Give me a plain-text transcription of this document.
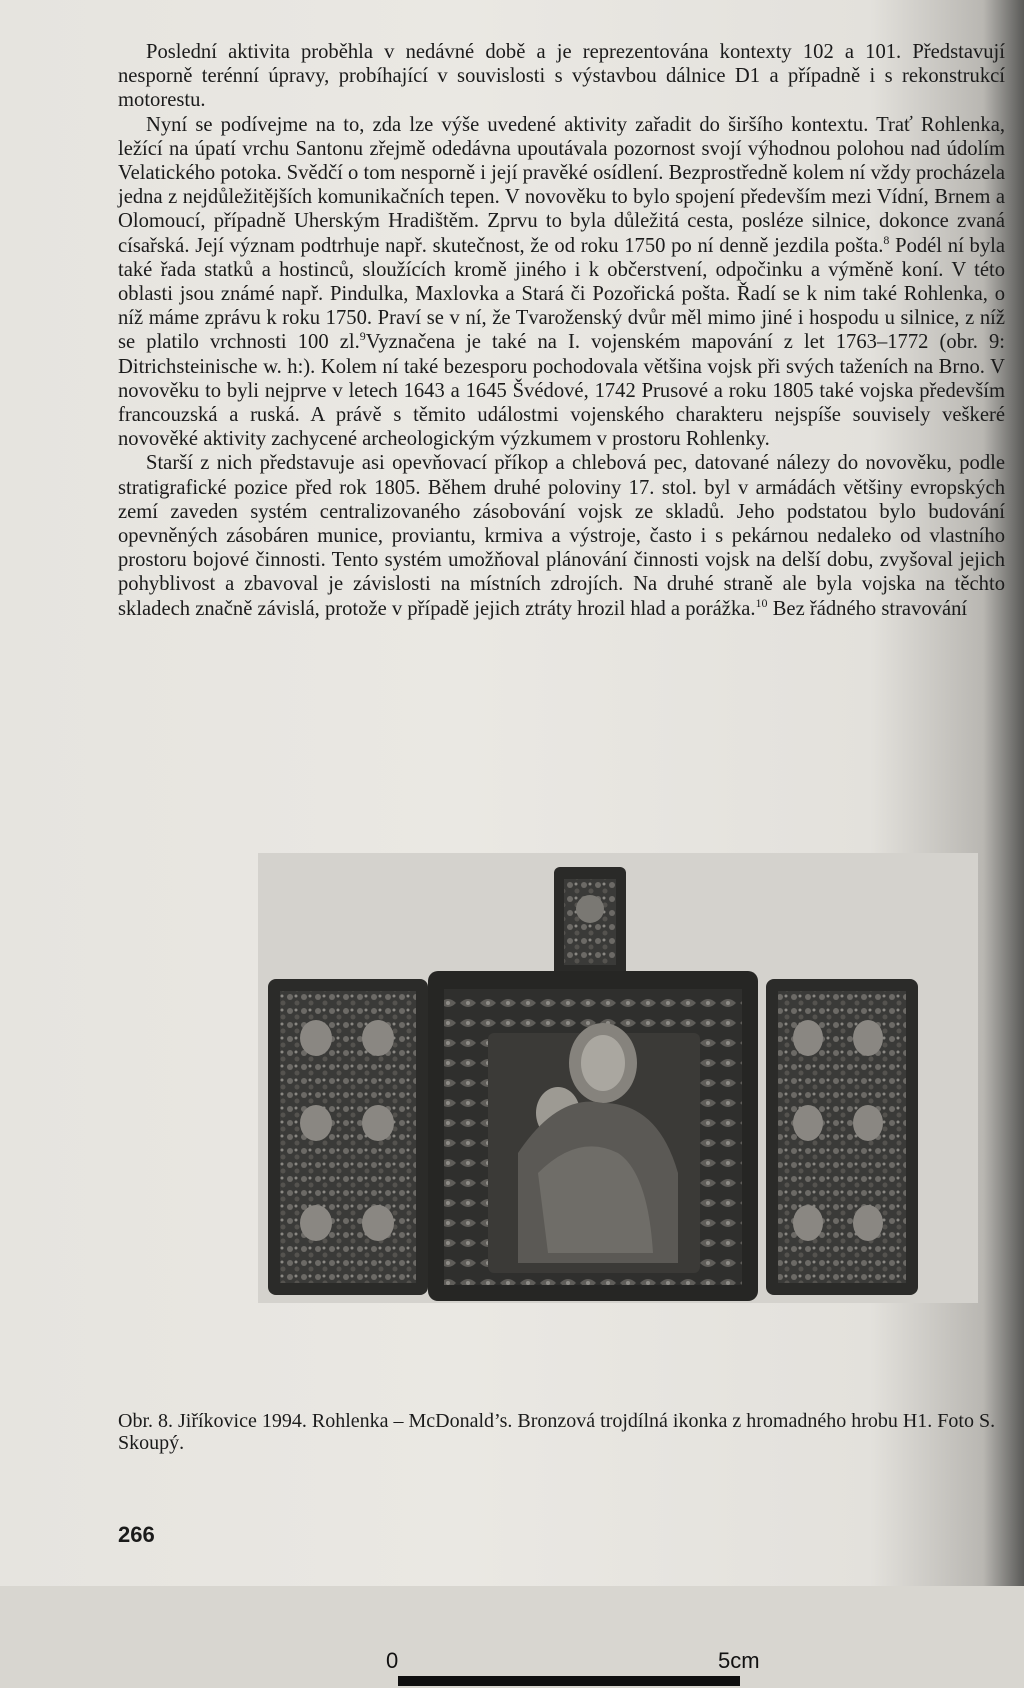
Poslední aktivita proběhla v nedávné době a je reprezentována kontexty 102 a 101. Představují nesporně terénní úpravy, probíhající v souvislosti s výstavbou dálnice D1 a případně i s rekonstrukcí motorestu.

Nyní se podívejme na to, zda lze výše uvedené aktivity zařadit do širšího kontextu. Trať Rohlenka, ležící na úpatí vrchu Santonu zřejmě odedávna upoutávala pozornost svojí výhodnou polohou nad údolím Velatického potoka. Svědčí o tom nesporně i její pravěké osídlení. Bezprostředně kolem ní vždy procházela jedna z nejdůležitějších komunikačních tepen. V novověku to bylo spojení především mezi Vídní, Brnem a Olomoucí, případně Uherským Hradištěm. Zprvu to byla důležitá cesta, posléze silnice, dokonce zvaná císařská. Její význam podtrhuje např. skutečnost, že od roku 1750 po ní denně jezdila pošta.$^8$ Podél ní byla také řada statků a hostinců, sloužících kromě jiného i k občerstvení, odpočinku a výměně koní. V této oblasti jsou známé např. Pindulka, Maxlovka a Stará či Pozořická pošta. Řadí se k nim také Rohlenka, o níž máme zprávu k roku 1750. Praví se v ní, že Tvaroženský dvůr měl mimo jiné i hospodu u silnice, z níž se platilo vrchnosti 100 zl.$^9$Vyznačena je také na I. vojenském mapování z let 1763–1772 (obr. 9: Ditrichsteinische w. h:). Kolem ní také bezesporu pochodovala většina vojsk při svých taženích na Brno. V novověku to byli nejprve v letech 1643 a 1645 Švédové, 1742 Prusové a roku 1805 také vojska především francouzská a ruská. A právě s těmito událostmi vojenského charakteru nejspíše souvisely veškeré novověké aktivity zachycené archeologickým výzkumem v prostoru Rohlenky.

Starší z nich představuje asi opevňovací příkop a chlebová pec, datované nálezy do novověku, podle stratigrafické pozice před rok 1805. Během druhé poloviny 17. stol. byl v armádách většiny evropských zemí zaveden systém centralizovaného zásobování vojsk ze skladů. Jeho podstatou bylo budování opevněných zásobáren munice, proviantu, krmiva a výstroje, často i s pekárnou nedaleko od vlastního prostoru bojové činnosti. Tento systém umožňoval plánování činnosti vojsk na delší dobu, zvyšoval jejich pohyblivost a zbavoval je závislosti na místních zdrojích. Na druhé straně ale byla vojska na těchto skladech značně závislá, protože v případě jejich ztráty hrozil hlad a porážka.$^{10}$ Bez řádného stravování

0	5cm
Obr. 8. Jiříkovice 1994. Rohlenka – McDonald’s. Bronzová trojdílná ikonka z hromadného hrobu H1. Foto S. Skoupý.
266
